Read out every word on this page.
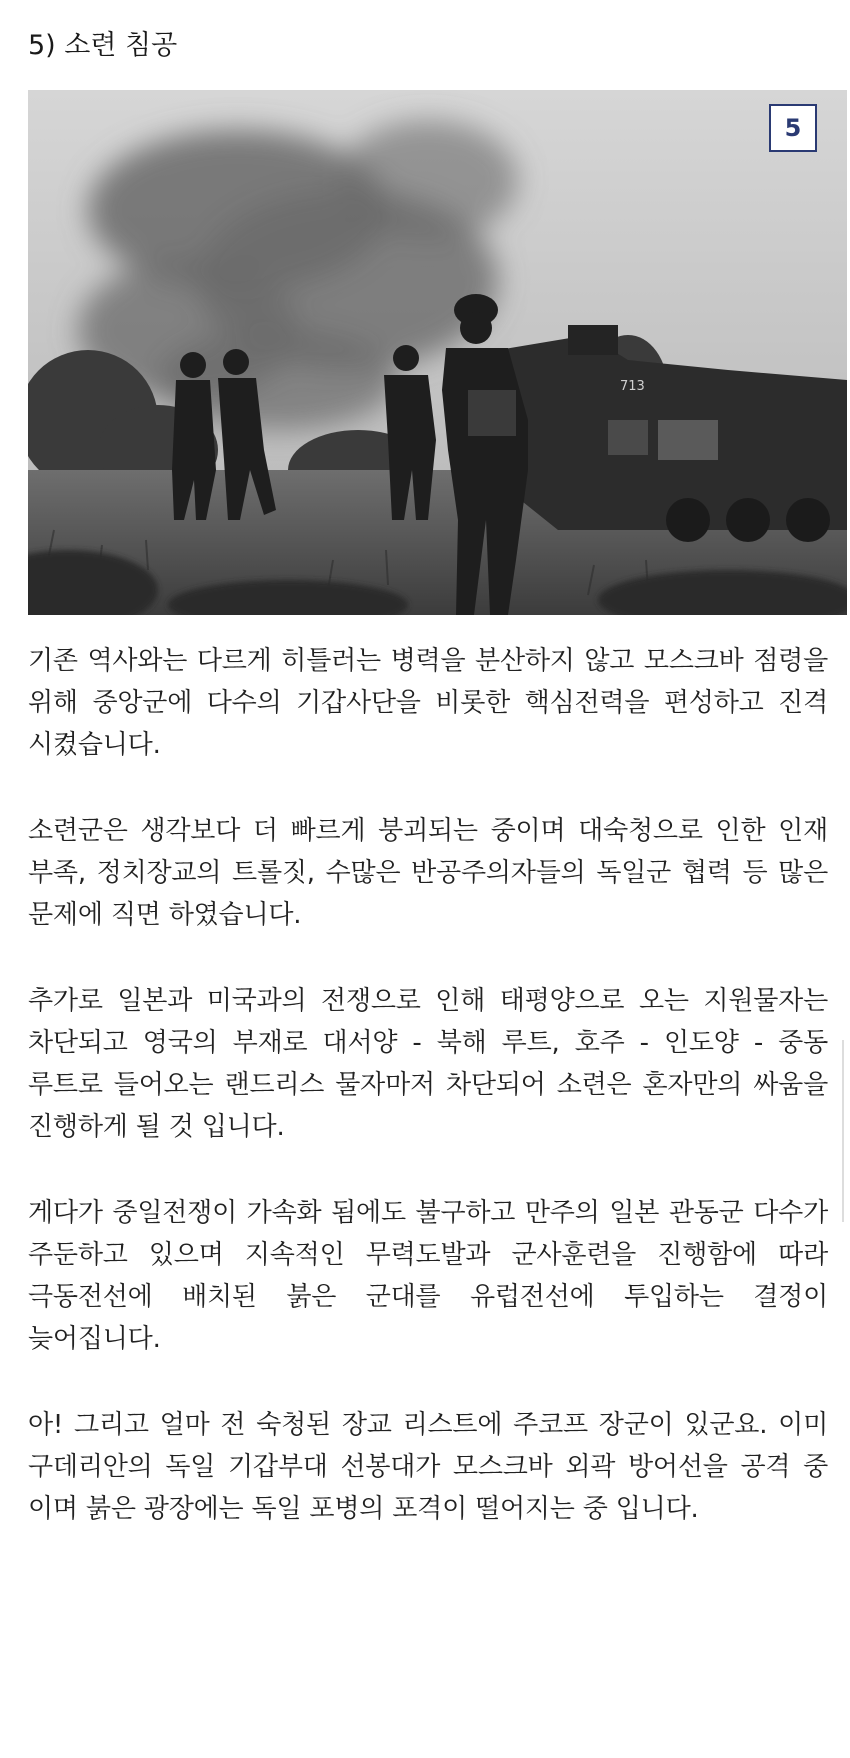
5) 소련 침공
713
5

기존 역사와는 다르게 히틀러는 병력을 분산하지 않고 모스크바 점령을 위해 중앙군에 다수의 기갑사단을 비롯한 핵심전력을 편성하고 진격 시켰습니다.

소련군은 생각보다 더 빠르게 붕괴되는 중이며 대숙청으로 인한 인재 부족, 정치장교의 트롤짓, 수많은 반공주의자들의 독일군 협력 등 많은 문제에 직면 하였습니다.

추가로 일본과 미국과의 전쟁으로 인해 태평양으로 오는 지원물자는 차단되고 영국의 부재로 대서양 - 북해 루트, 호주 - 인도양 - 중동 루트로 들어오는 랜드리스 물자마저 차단되어 소련은 혼자만의 싸움을 진행하게 될 것 입니다.

게다가 중일전쟁이 가속화 됨에도 불구하고 만주의 일본 관동군 다수가 주둔하고 있으며 지속적인 무력도발과 군사훈련을 진행함에 따라 극동전선에 배치된 붉은 군대를 유럽전선에 투입하는 결정이 늦어집니다.

아! 그리고 얼마 전 숙청된 장교 리스트에 주코프 장군이 있군요. 이미 구데리안의 독일 기갑부대 선봉대가 모스크바 외곽 방어선을 공격 중 이며 붉은 광장에는 독일 포병의 포격이 떨어지는 중 입니다.
